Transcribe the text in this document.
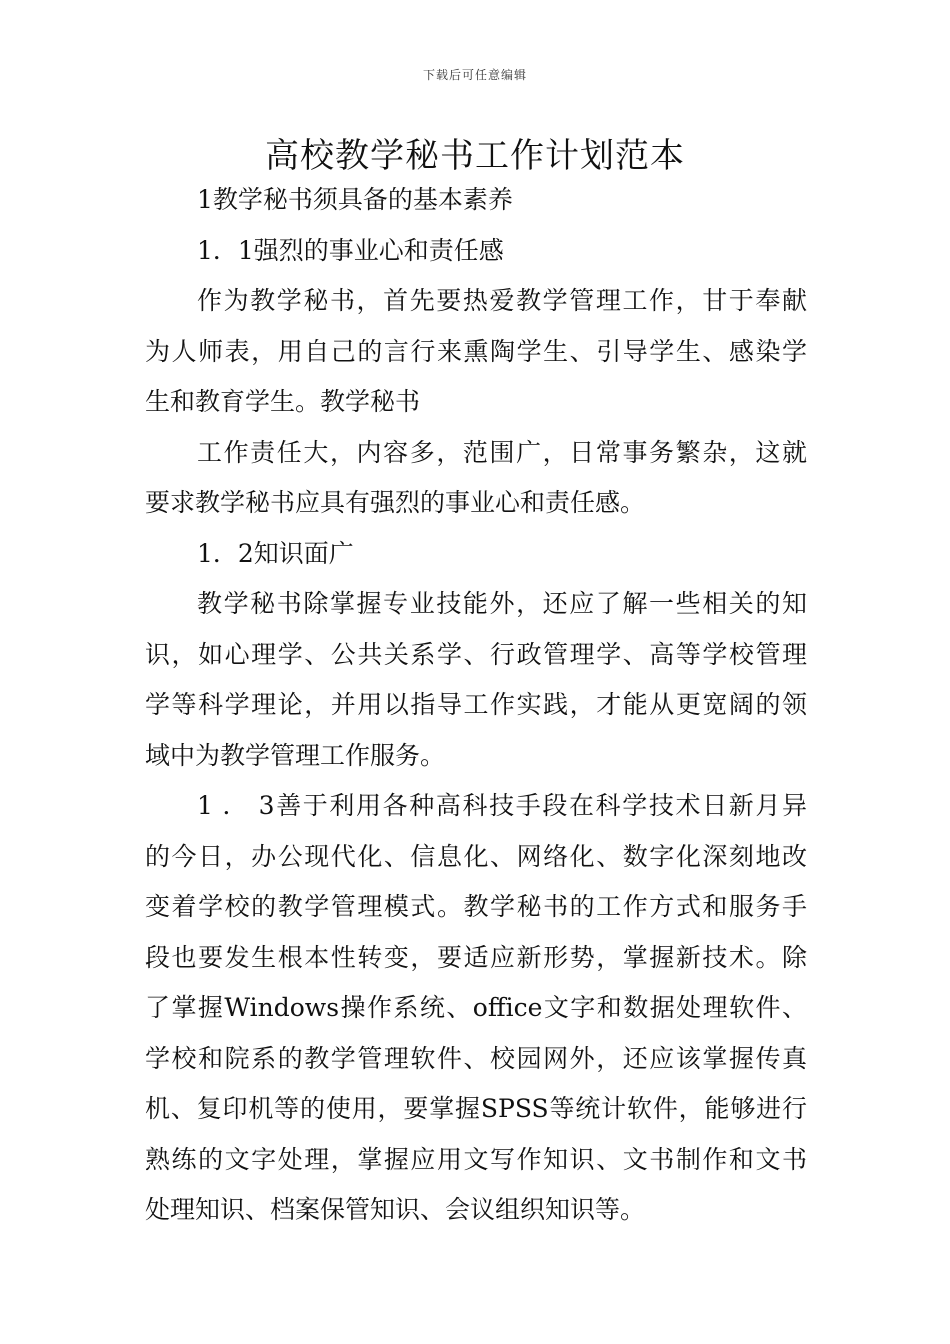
下载后可任意编辑
高校教学秘书工作计划范本
1教学秘书须具备的基本素养
1．1强烈的事业心和责任感
作为教学秘书，首先要热爱教学管理工作，甘于奉献
为人师表，用自己的言行来熏陶学生、引导学生、感染学
生和教育学生。教学秘书
工作责任大，内容多，范围广，日常事务繁杂，这就
要求教学秘书应具有强烈的事业心和责任感。
1．2知识面广
教学秘书除掌握专业技能外，还应了解一些相关的知
识，如心理学、公共关系学、行政管理学、高等学校管理
学等科学理论，并用以指导工作实践，才能从更宽阔的领
域中为教学管理工作服务。
1 ． 3善于利用各种高科技手段在科学技术日新月异
的今日，办公现代化、信息化、网络化、数字化深刻地改
变着学校的教学管理模式。教学秘书的工作方式和服务手
段也要发生根本性转变，要适应新形势，掌握新技术。除
了掌握Windows操作系统、office文字和数据处理软件、
学校和院系的教学管理软件、校园网外，还应该掌握传真
机、复印机等的使用，要掌握SPSS等统计软件，能够进行
熟练的文字处理，掌握应用文写作知识、文书制作和文书
处理知识、档案保管知识、会议组织知识等。
